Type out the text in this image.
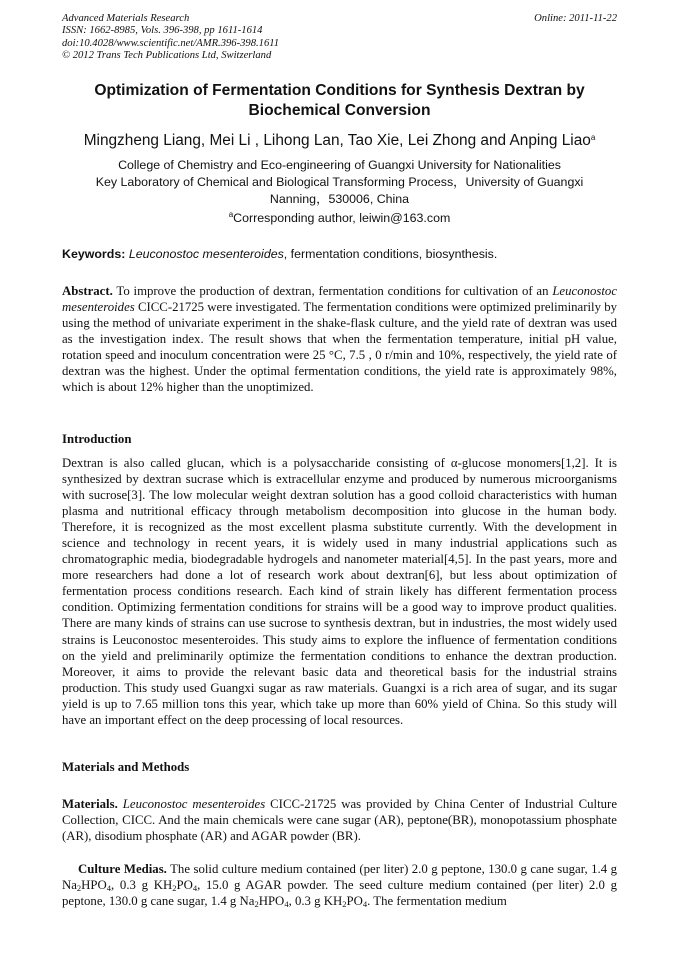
Advanced Materials Research
ISSN: 1662-8985, Vols. 396-398, pp 1611-1614
doi:10.4028/www.scientific.net/AMR.396-398.1611
© 2012 Trans Tech Publications Ltd, Switzerland
Online: 2011-11-22
Optimization of Fermentation Conditions for Synthesis Dextran by
Biochemical Conversion
Mingzheng Liang, Mei Li , Lihong Lan, Tao Xie, Lei Zhong and Anping Liao$^a$
College of Chemistry and Eco-engineering of Guangxi University for Nationalities
Key Laboratory of Chemical and Biological Transforming Process，University of Guangxi
Nanning，530006, China
$^a$Corresponding author, leiwin@163.com
Keywords: Leuconostoc mesenteroides, fermentation conditions, biosynthesis.
Abstract. To improve the production of dextran, fermentation conditions for cultivation of an Leuconostoc mesenteroides CICC-21725 were investigated. The fermentation conditions were optimized preliminarily by using the method of univariate experiment in the shake-flask culture, and the yield rate of dextran was used as the investigation index. The result shows that when the fermentation temperature, initial pH value, rotation speed and inoculum concentration were 25 °C, 7.5 , 0 r/min and 10%, respectively, the yield rate of dextran was the highest. Under the optimal fermentation conditions, the yield rate is approximately 98%, which is about 12% higher than the unoptimized.
Introduction
Dextran is also called glucan, which is a polysaccharide consisting of α-glucose monomers[1,2]. It is synthesized by dextran sucrase which is extracellular enzyme and produced by numerous microorganisms with sucrose[3]. The low molecular weight dextran solution has a good colloid characteristics with human plasma and nutritional efficacy through metabolism decomposition into glucose in the human body. Therefore, it is recognized as the most excellent plasma substitute currently. With the development in science and technology in recent years, it is widely used in many industrial applications such as chromatographic media, biodegradable hydrogels and nanometer material[4,5]. In the past years, more and more researchers had done a lot of research work about dextran[6], but less about optimization of fermentation process conditions research. Each kind of strain likely has different fermentation process condition. Optimizing fermentation conditions for strains will be a good way to improve product qualities. There are many kinds of strains can use sucrose to synthesis dextran, but in industries, the most widely used strains is Leuconostoc mesenteroides. This study aims to explore the influence of fermentation conditions on the yield and preliminarily optimize the fermentation conditions to enhance the dextran production. Moreover, it aims to provide the relevant basic data and theoretical basis for the industrial strains production. This study used Guangxi sugar as raw materials. Guangxi is a rich area of sugar, and its sugar yield is up to 7.65 million tons this year, which take up more than 60% yield of China. So this study will have an important effect on the deep processing of local resources.
Materials and Methods
Materials. Leuconostoc mesenteroides CICC-21725 was provided by China Center of Industrial Culture Collection, CICC. And the main chemicals were cane sugar (AR), peptone(BR), monopotassium phosphate (AR), disodium phosphate (AR) and AGAR powder (BR).
Culture Medias. The solid culture medium contained (per liter) 2.0 g peptone, 130.0 g cane sugar, 1.4 g $Na_2HPO_4$, 0.3 g $KH_2PO_4$, 15.0 g AGAR powder. The seed culture medium contained (per liter) 2.0 g peptone, 130.0 g cane sugar, 1.4 g $Na_2HPO_4$, 0.3 g $KH_2PO_4$. The fermentation medium
